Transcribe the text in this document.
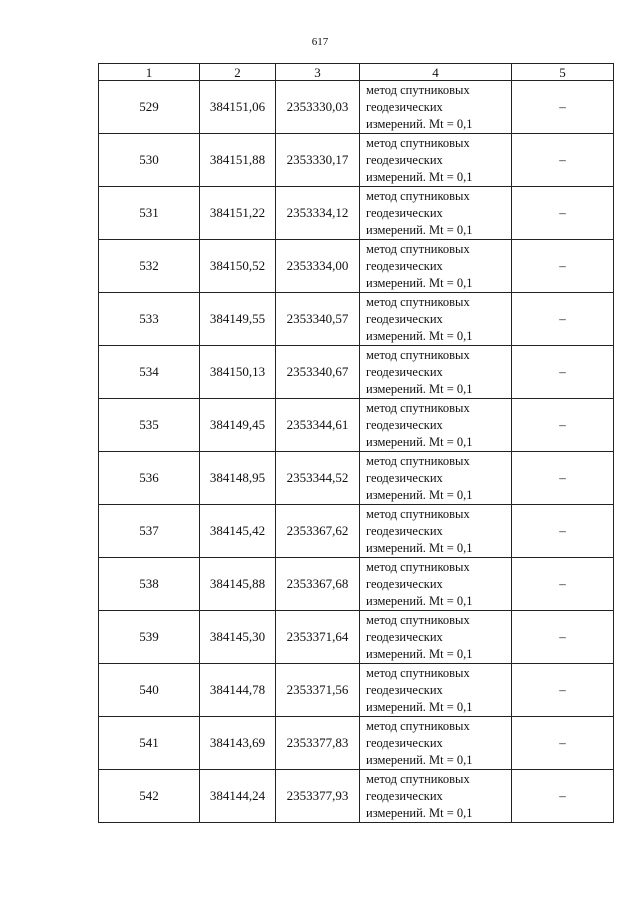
617
1	2	3	4	5
529	384151,06	2353330,03	метод спутниковых
геодезических
измерений. Mt = 0,1	–
530	384151,88	2353330,17	метод спутниковых
геодезических
измерений. Mt = 0,1	–
531	384151,22	2353334,12	метод спутниковых
геодезических
измерений. Mt = 0,1	–
532	384150,52	2353334,00	метод спутниковых
геодезических
измерений. Mt = 0,1	–
533	384149,55	2353340,57	метод спутниковых
геодезических
измерений. Mt = 0,1	–
534	384150,13	2353340,67	метод спутниковых
геодезических
измерений. Mt = 0,1	–
535	384149,45	2353344,61	метод спутниковых
геодезических
измерений. Mt = 0,1	–
536	384148,95	2353344,52	метод спутниковых
геодезических
измерений. Mt = 0,1	–
537	384145,42	2353367,62	метод спутниковых
геодезических
измерений. Mt = 0,1	–
538	384145,88	2353367,68	метод спутниковых
геодезических
измерений. Mt = 0,1	–
539	384145,30	2353371,64	метод спутниковых
геодезических
измерений. Mt = 0,1	–
540	384144,78	2353371,56	метод спутниковых
геодезических
измерений. Mt = 0,1	–
541	384143,69	2353377,83	метод спутниковых
геодезических
измерений. Mt = 0,1	–
542	384144,24	2353377,93	метод спутниковых
геодезических
измерений. Mt = 0,1	–
